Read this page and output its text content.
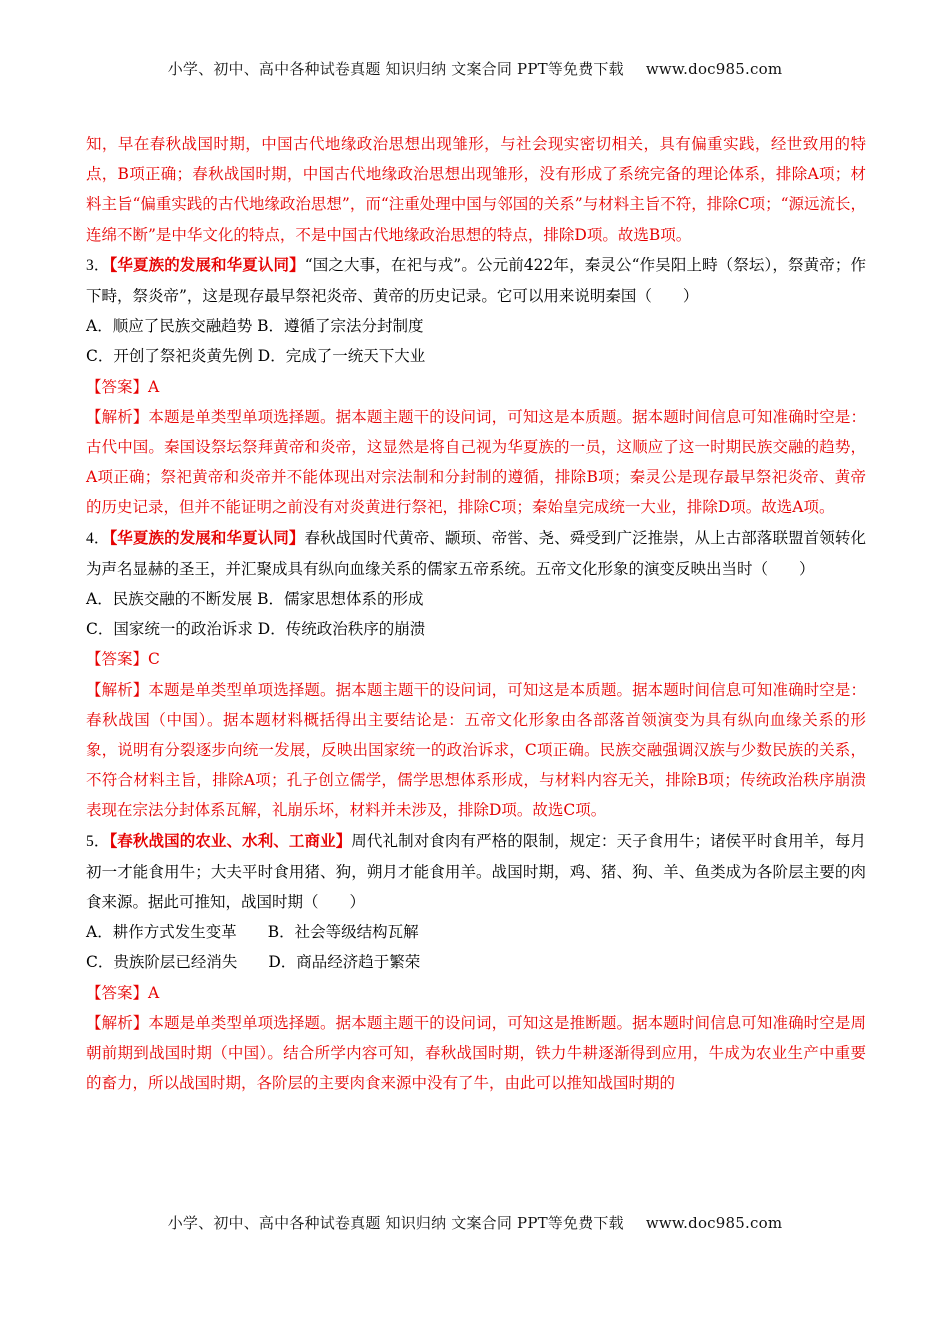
小学、初中、高中各种试卷真题 知识归纳 文案合同 PPT等免费下载 www.doc985.com

知，早在春秋战国时期，中国古代地缘政治思想出现雏形，与社会现实密切相关，具有偏重实践，经世致用的特点，B项正确；春秋战国时期，中国古代地缘政治思想出现雏形，没有形成了系统完备的理论体系，排除A项；材料主旨“偏重实践的古代地缘政治思想”，而“注重处理中国与邻国的关系”与材料主旨不符，排除C项；“源远流长，连绵不断”是中华文化的特点，不是中国古代地缘政治思想的特点，排除D项。故选B项。

3．【华夏族的发展和华夏认同】“国之大事，在祀与戎”。公元前422年，秦灵公“作吴阳上畤（祭坛），祭黄帝；作下畤，祭炎帝”，这是现存最早祭祀炎帝、黄帝的历史记录。它可以用来说明秦国（　　）

A．顺应了民族交融趋势 B．遵循了宗法分封制度

C．开创了祭祀炎黄先例 D．完成了一统天下大业

【答案】A

【解析】本题是单类型单项选择题。据本题主题干的设问词，可知这是本质题。据本题时间信息可知准确时空是：古代中国。秦国设祭坛祭拜黄帝和炎帝，这显然是将自己视为华夏族的一员，这顺应了这一时期民族交融的趋势，A项正确；祭祀黄帝和炎帝并不能体现出对宗法制和分封制的遵循，排除B项；秦灵公是现存最早祭祀炎帝、黄帝的历史记录，但并不能证明之前没有对炎黄进行祭祀，排除C项；秦始皇完成统一大业，排除D项。故选A项。

4．【华夏族的发展和华夏认同】春秋战国时代黄帝、颛顼、帝喾、尧、舜受到广泛推崇，从上古部落联盟首领转化为声名显赫的圣王，并汇聚成具有纵向血缘关系的儒家五帝系统。五帝文化形象的演变反映出当时（　　）

A．民族交融的不断发展 B．儒家思想体系的形成

C．国家统一的政治诉求 D．传统政治秩序的崩溃

【答案】C

【解析】本题是单类型单项选择题。据本题主题干的设问词，可知这是本质题。据本题时间信息可知准确时空是：春秋战国（中国）。据本题材料概括得出主要结论是：五帝文化形象由各部落首领演变为具有纵向血缘关系的形象，说明有分裂逐步向统一发展，反映出国家统一的政治诉求，C项正确。民族交融强调汉族与少数民族的关系，不符合材料主旨，排除A项；孔子创立儒学，儒学思想体系形成，与材料内容无关，排除B项；传统政治秩序崩溃表现在宗法分封体系瓦解，礼崩乐坏，材料并未涉及，排除D项。故选C项。

5．【春秋战国的农业、水利、工商业】周代礼制对食肉有严格的限制，规定：天子食用牛；诸侯平时食用羊，每月初一才能食用牛；大夫平时食用猪、狗，朔月才能食用羊。战国时期，鸡、猪、狗、羊、鱼类成为各阶层主要的肉食来源。据此可推知，战国时期（　　）

A．耕作方式发生变革　　B．社会等级结构瓦解

C．贵族阶层已经消失　　D．商品经济趋于繁荣

【答案】A

【解析】本题是单类型单项选择题。据本题主题干的设问词，可知这是推断题。据本题时间信息可知准确时空是周朝前期到战国时期（中国）。结合所学内容可知，春秋战国时期，铁力牛耕逐渐得到应用，牛成为农业生产中重要的畜力，所以战国时期，各阶层的主要肉食来源中没有了牛，由此可以推知战国时期的

小学、初中、高中各种试卷真题 知识归纳 文案合同 PPT等免费下载 www.doc985.com
